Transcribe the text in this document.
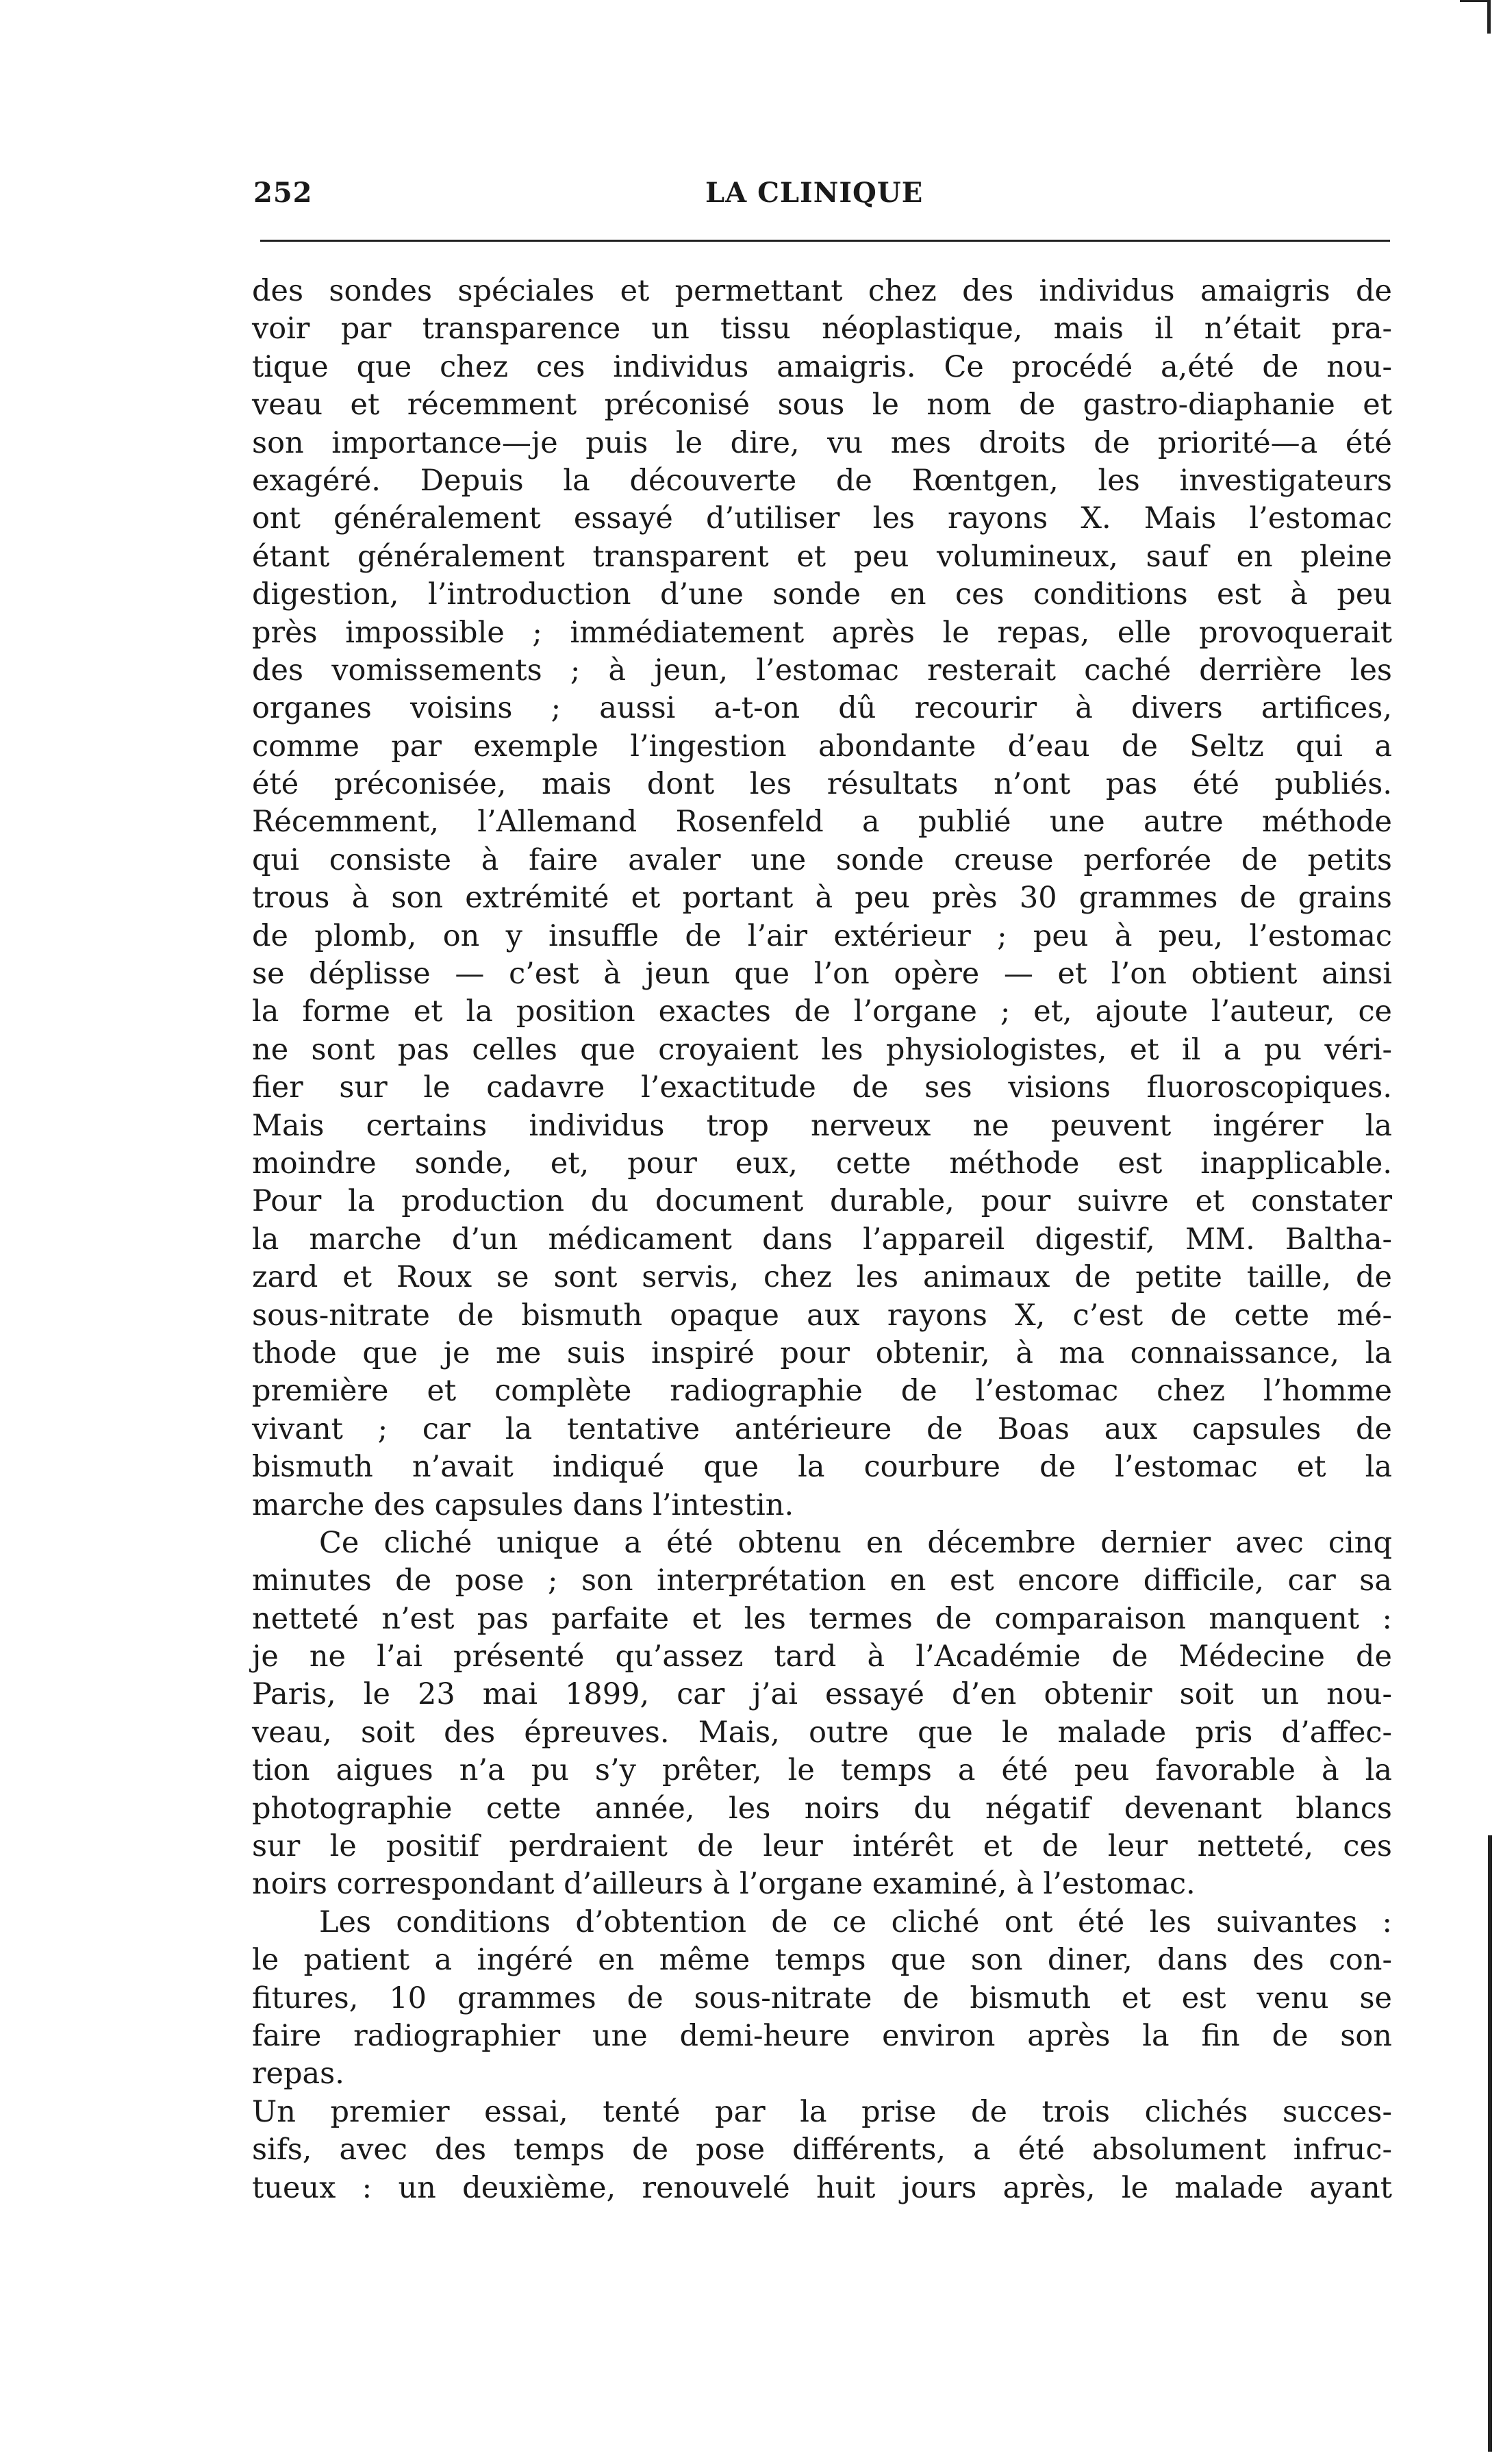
252	LA CLINIQUE
des sondes spéciales et permettant chez des individus amaigris de
voir par transparence un tissu néoplastique, mais il n’était pra-
tique que chez ces individus amaigris. Ce procédé a,été de nou-
veau et récemment préconisé sous le nom de gastro-diaphanie et
son importance—je puis le dire, vu mes droits de priorité—a été
exagéré. Depuis la découverte de Rœntgen, les investigateurs
ont généralement essayé d’utiliser les rayons X. Mais l’estomac
étant généralement transparent et peu volumineux, sauf en pleine
digestion, l’introduction d’une sonde en ces conditions est à peu
près impossible ; immédiatement après le repas, elle provoquerait
des vomissements ; à jeun, l’estomac resterait caché derrière les
organes voisins ; aussi a-t-on dû recourir à divers artifices,
comme par exemple l’ingestion abondante d’eau de Seltz qui a
été préconisée, mais dont les résultats n’ont pas été publiés.
Récemment, l’Allemand Rosenfeld a publié une autre méthode
qui consiste à faire avaler une sonde creuse perforée de petits
trous à son extrémité et portant à peu près 30 grammes de grains
de plomb, on y insuffle de l’air extérieur ; peu à peu, l’estomac
se déplisse — c’est à jeun que l’on opère — et l’on obtient ainsi
la forme et la position exactes de l’organe ; et, ajoute l’auteur, ce
ne sont pas celles que croyaient les physiologistes, et il a pu véri-
fier sur le cadavre l’exactitude de ses visions fluoroscopiques.
Mais certains individus trop nerveux ne peuvent ingérer la
moindre sonde, et, pour eux, cette méthode est inapplicable.
Pour la production du document durable, pour suivre et constater
la marche d’un médicament dans l’appareil digestif, MM. Baltha-
zard et Roux se sont servis, chez les animaux de petite taille, de
sous-nitrate de bismuth opaque aux rayons X, c’est de cette mé-
thode que je me suis inspiré pour obtenir, à ma connaissance, la
première et complète radiographie de l’estomac chez l’homme
vivant ; car la tentative antérieure de Boas aux capsules de
bismuth n’avait indiqué que la courbure de l’estomac et la
marche des capsules dans l’intestin.
Ce cliché unique a été obtenu en décembre dernier avec cinq
minutes de pose ; son interprétation en est encore difficile, car sa
netteté n’est pas parfaite et les termes de comparaison manquent :
je ne l’ai présenté qu’assez tard à l’Académie de Médecine de
Paris, le 23 mai 1899, car j’ai essayé d’en obtenir soit un nou-
veau, soit des épreuves. Mais, outre que le malade pris d’affec-
tion aigues n’a pu s’y prêter, le temps a été peu favorable à la
photographie cette année, les noirs du négatif devenant blancs
sur le positif perdraient de leur intérêt et de leur netteté, ces
noirs correspondant d’ailleurs à l’organe examiné, à l’estomac.
Les conditions d’obtention de ce cliché ont été les suivantes :
le patient a ingéré en même temps que son diner, dans des con-
fitures, 10 grammes de sous-nitrate de bismuth et est venu se
faire radiographier une demi-heure environ après la fin de son
repas.
Un premier essai, tenté par la prise de trois clichés succes-
sifs, avec des temps de pose différents, a été absolument infruc-
tueux : un deuxième, renouvelé huit jours après, le malade ayant
